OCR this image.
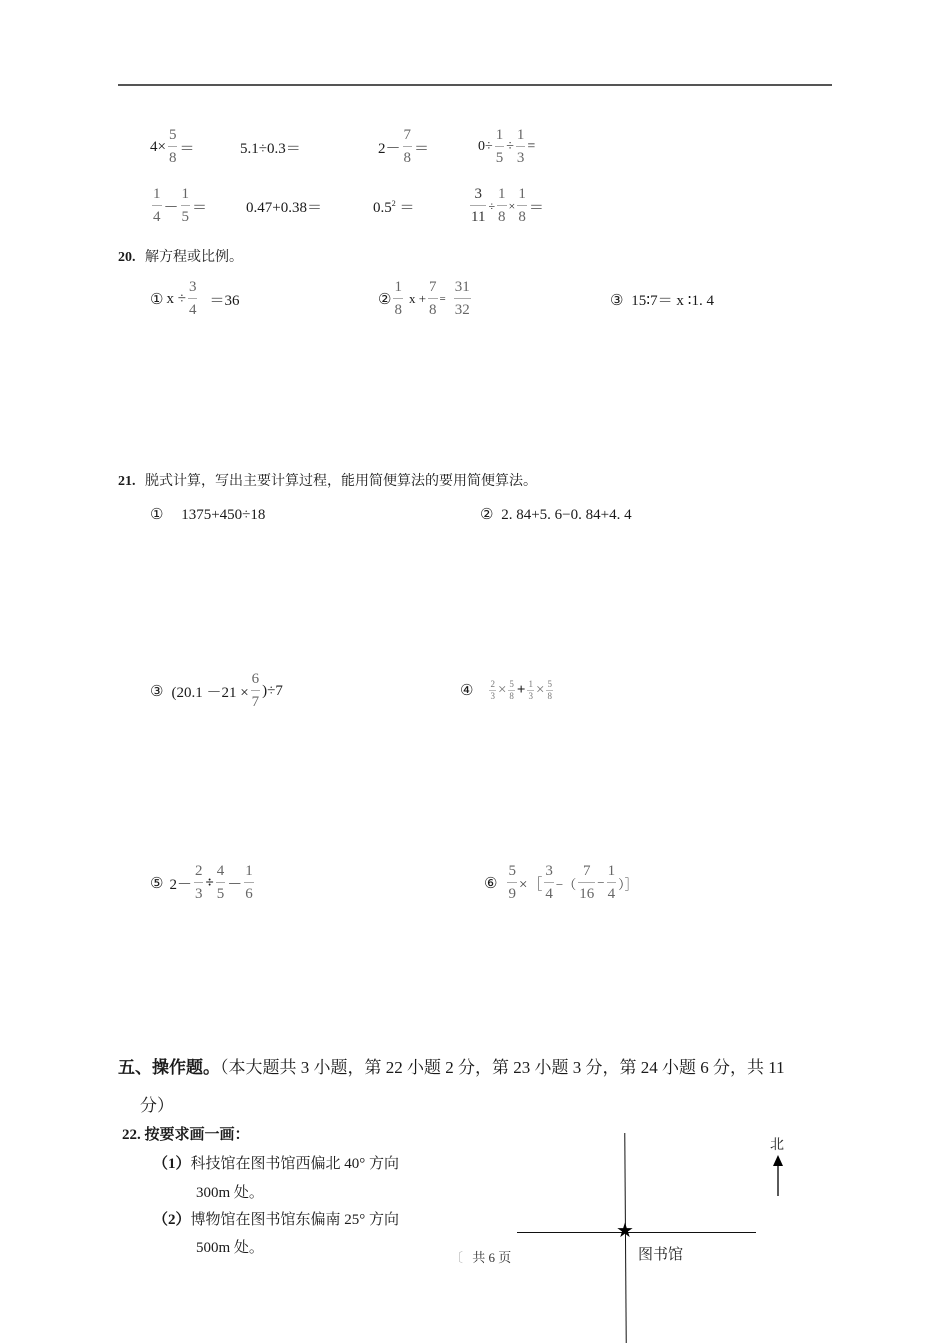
$4\times \frac{5}{8}$ ＝	5.1÷0.3＝	$2- \frac{7}{8}$ ＝	$0\div \frac{1}{5} \div \frac{1}{3}$ =
$\frac{1}{4} - \frac{1}{5}$ ＝	0.47+0.38＝	$0.5^2$ ＝	$\frac{3}{11} \div \frac{1}{8} \times \frac{1}{8}$ ＝
20. 解方程或比例。
① $x \div \frac{3}{4} =36$	② $\frac{1}{8}$ $x + \frac{7}{8} = \frac{31}{32}$	③ 15∶7＝ x ∶1. 4
21. 脱式计算，写出主要计算过程，能用简便算法的要用简便算法。
① 1375+450÷18	② 2. 84+5. 6−0. 84+4. 4
③ $(20.1 -21 \times \frac{6}{7} )\div 7$	④ $\frac{2}{3} \times \frac{5}{8} + \frac{1}{3} \times \frac{5}{8}$
⑤ $2- \frac{2}{3} \div \frac{4}{5} - \frac{1}{6}$	⑥ $\frac{5}{9}$ ×［ $\frac{3}{4}$ −（ $\frac{7}{16} - \frac{1}{4}$ ）］
五、操作题。（本大题共 3 小题，第 22 小题 2 分，第 23 小题 3 分，第 24 小题 6 分，共 11
分）
22. 按要求画一画：
（1）科技馆在图书馆西偏北 40° 方向
300m 处。
（2）博物馆在图书馆东偏南 25° 方向
500m 处。
〔 共 6 页
★
图书馆
北
